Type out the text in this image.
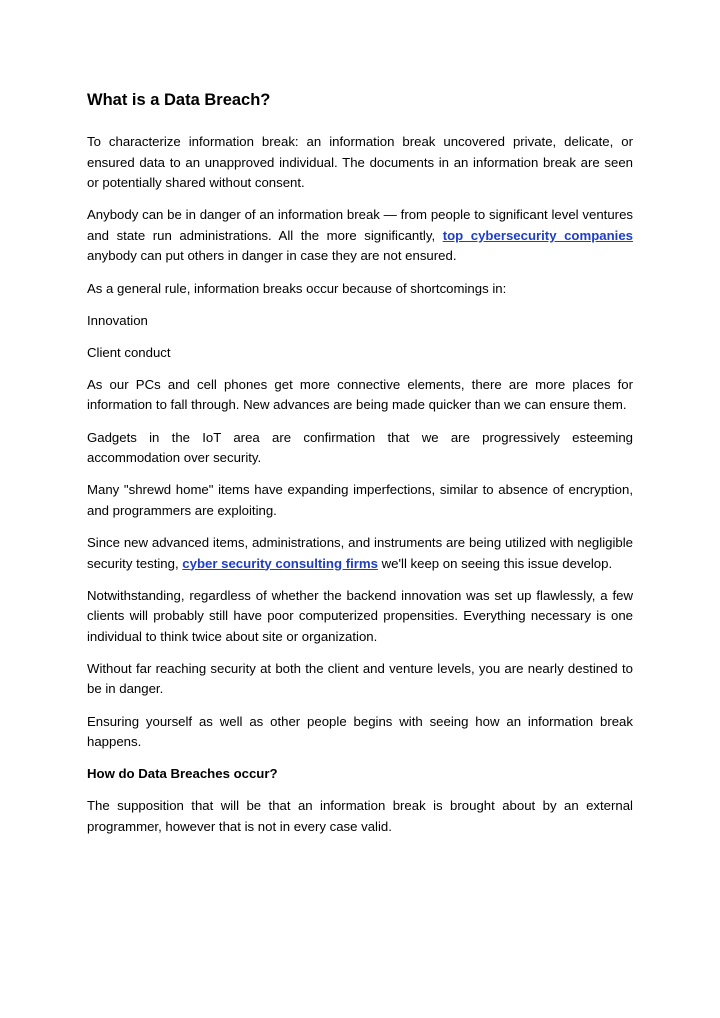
What is a Data Breach?

To characterize information break: an information break uncovered private, delicate, or ensured data to an unapproved individual. The documents in an information break are seen or potentially shared without consent.

Anybody can be in danger of an information break — from people to significant level ventures and state run administrations. All the more significantly, top cybersecurity companies anybody can put others in danger in case they are not ensured.

As a general rule, information breaks occur because of shortcomings in:

Innovation

Client conduct

As our PCs and cell phones get more connective elements, there are more places for information to fall through. New advances are being made quicker than we can ensure them.

Gadgets in the IoT area are confirmation that we are progressively esteeming accommodation over security.

Many "shrewd home" items have expanding imperfections, similar to absence of encryption, and programmers are exploiting.

Since new advanced items, administrations, and instruments are being utilized with negligible security testing, cyber security consulting firms we'll keep on seeing this issue develop.

Notwithstanding, regardless of whether the backend innovation was set up flawlessly, a few clients will probably still have poor computerized propensities. Everything necessary is one individual to think twice about site or organization.

Without far reaching security at both the client and venture levels, you are nearly destined to be in danger.

Ensuring yourself as well as other people begins with seeing how an information break happens.

How do Data Breaches occur?

The supposition that will be that an information break is brought about by an external programmer, however that is not in every case valid.
